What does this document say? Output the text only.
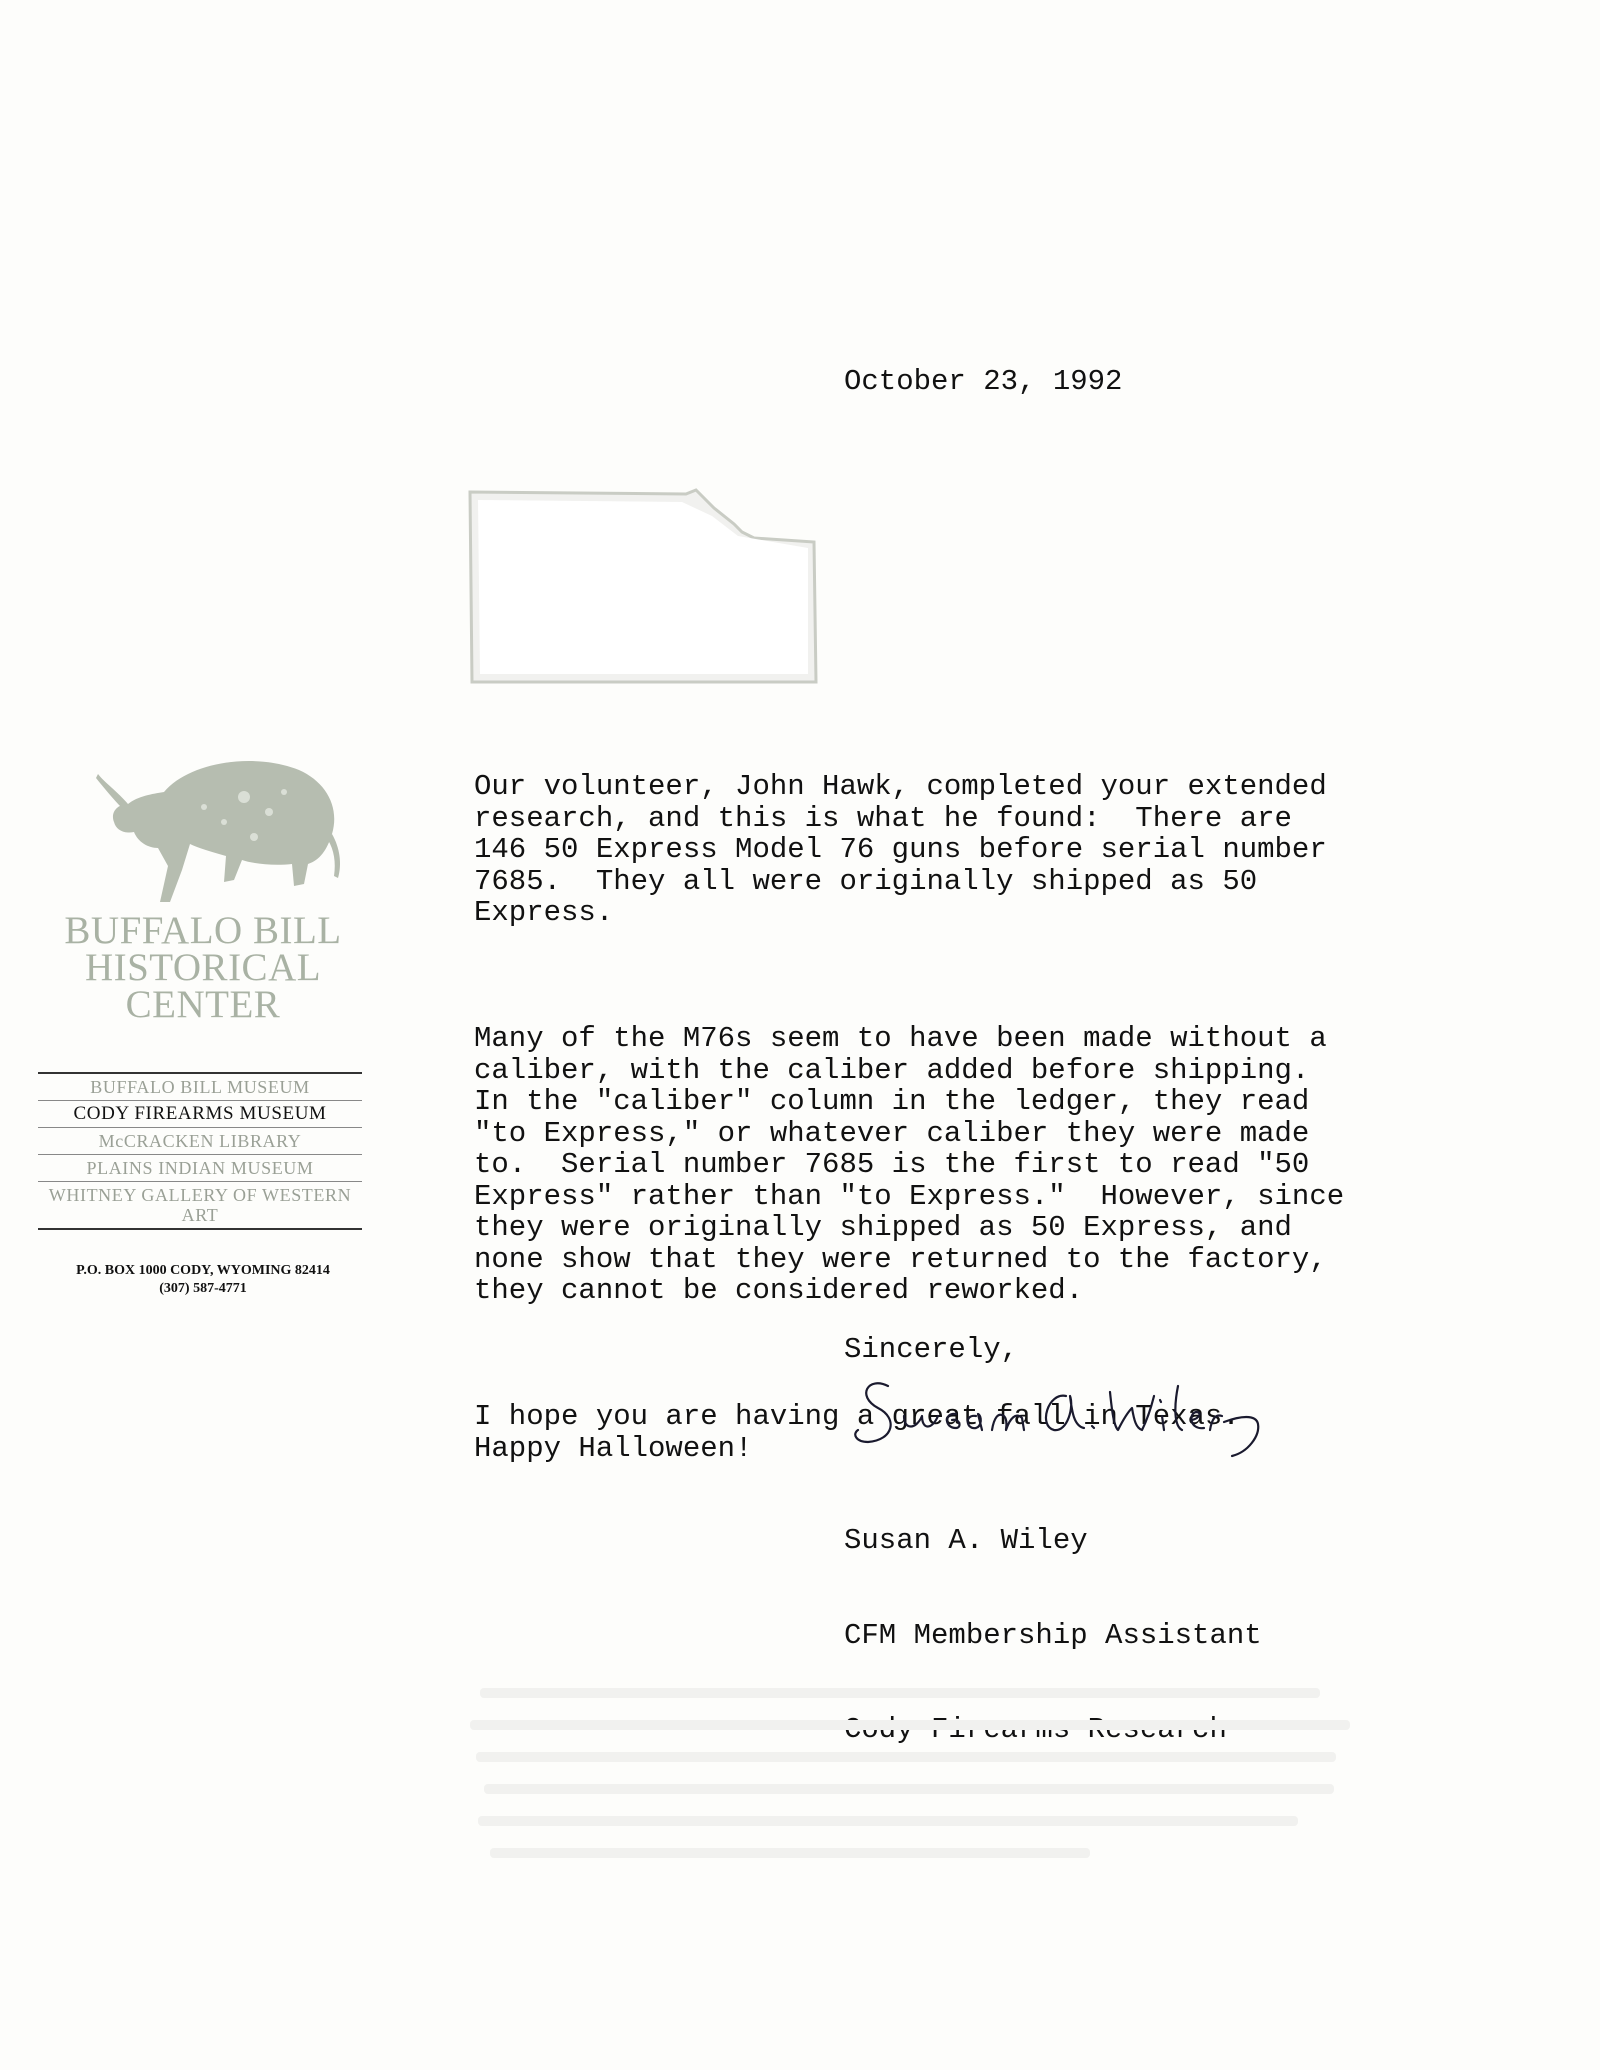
BUFFALO BILL
HISTORICAL
CENTER
BUFFALO BILL MUSEUM
CODY FIREARMS MUSEUM
McCRACKEN LIBRARY
PLAINS INDIAN MUSEUM
WHITNEY GALLERY OF WESTERN ART
P.O. BOX 1000 CODY, WYOMING 82414
(307) 587-4771
October 23, 1992

Our volunteer, John Hawk, completed your extended
research, and this is what he found:  There are
146 50 Express Model 76 guns before serial number
7685.  They all were originally shipped as 50
Express.

Many of the M76s seem to have been made without a
caliber, with the caliber added before shipping.
In the "caliber" column in the ledger, they read
"to Express," or whatever caliber they were made
to.  Serial number 7685 is the first to read "50
Express" rather than "to Express."  However, since
they were originally shipped as 50 Express, and
none show that they were returned to the factory,
they cannot be considered reworked.

I hope you are having a great fall in Texas.
Happy Halloween!

Sincerely,

Susan A. Wiley

CFM Membership Assistant
